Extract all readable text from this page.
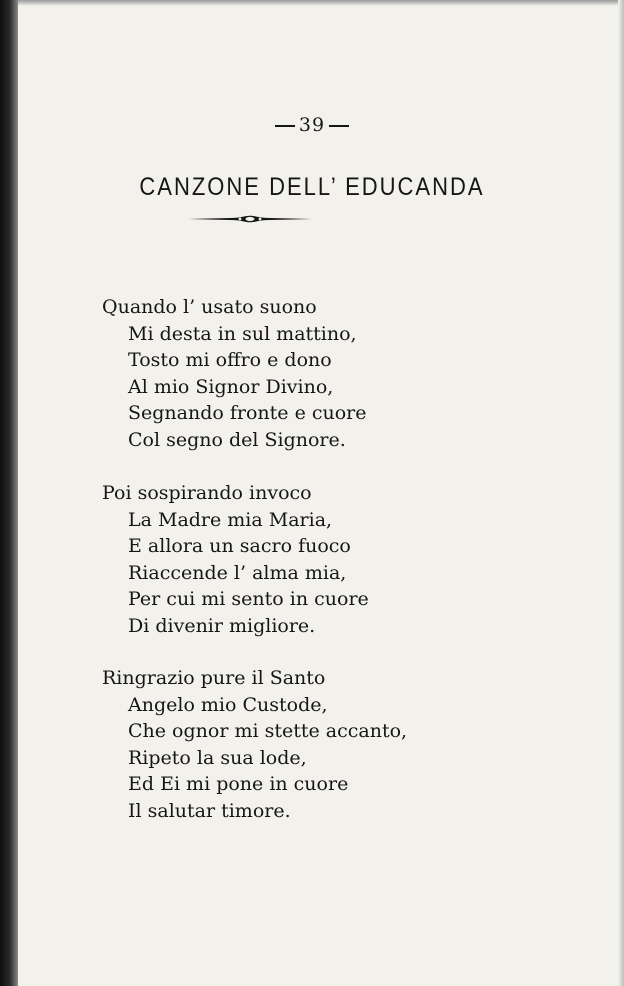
39
CANZONE DELL’ EDUCANDA
Quando l’ usato suono
Mi desta in sul mattino,
Tosto mi offro e dono
Al mio Signor Divino,
Segnando fronte e cuore
Col segno del Signore.
Poi sospirando invoco
La Madre mia Maria,
E allora un sacro fuoco
Riaccende l’ alma mia,
Per cui mi sento in cuore
Di divenir migliore.
Ringrazio pure il Santo
Angelo mio Custode,
Che ognor mi stette accanto,
Ripeto la sua lode,
Ed Ei mi pone in cuore
Il salutar timore.
